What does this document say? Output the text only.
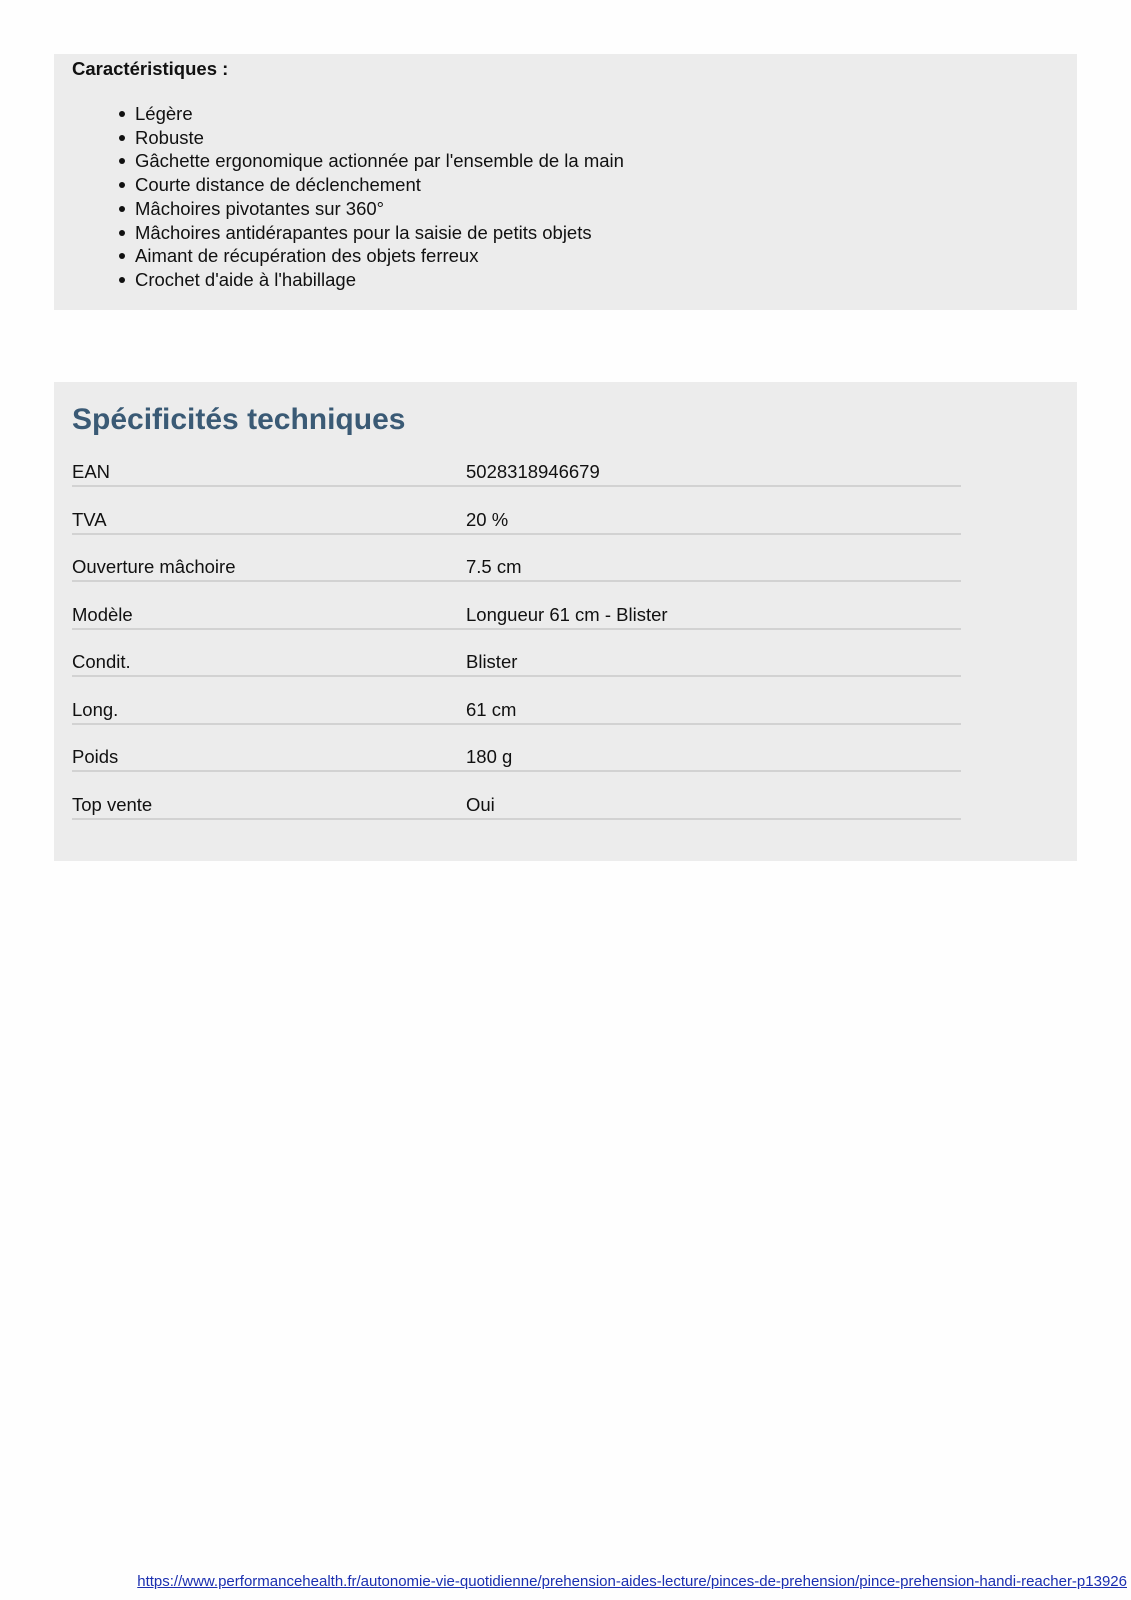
Caractéristiques :
Légère
Robuste
Gâchette ergonomique actionnée par l'ensemble de la main
Courte distance de déclenchement
Mâchoires pivotantes sur 360°
Mâchoires antidérapantes pour la saisie de petits objets
Aimant de récupération des objets ferreux
Crochet d'aide à l'habillage
Spécificités techniques
EAN	5028318946679
TVA	20 %
Ouverture mâchoire	7.5 cm
Modèle	Longueur 61 cm - Blister
Condit.	Blister
Long.	61 cm
Poids	180 g
Top vente	Oui
https://www.performancehealth.fr/autonomie-vie-quotidienne/prehension-aides-lecture/pinces-de-prehension/pince-prehension-handi-reacher-p13926
